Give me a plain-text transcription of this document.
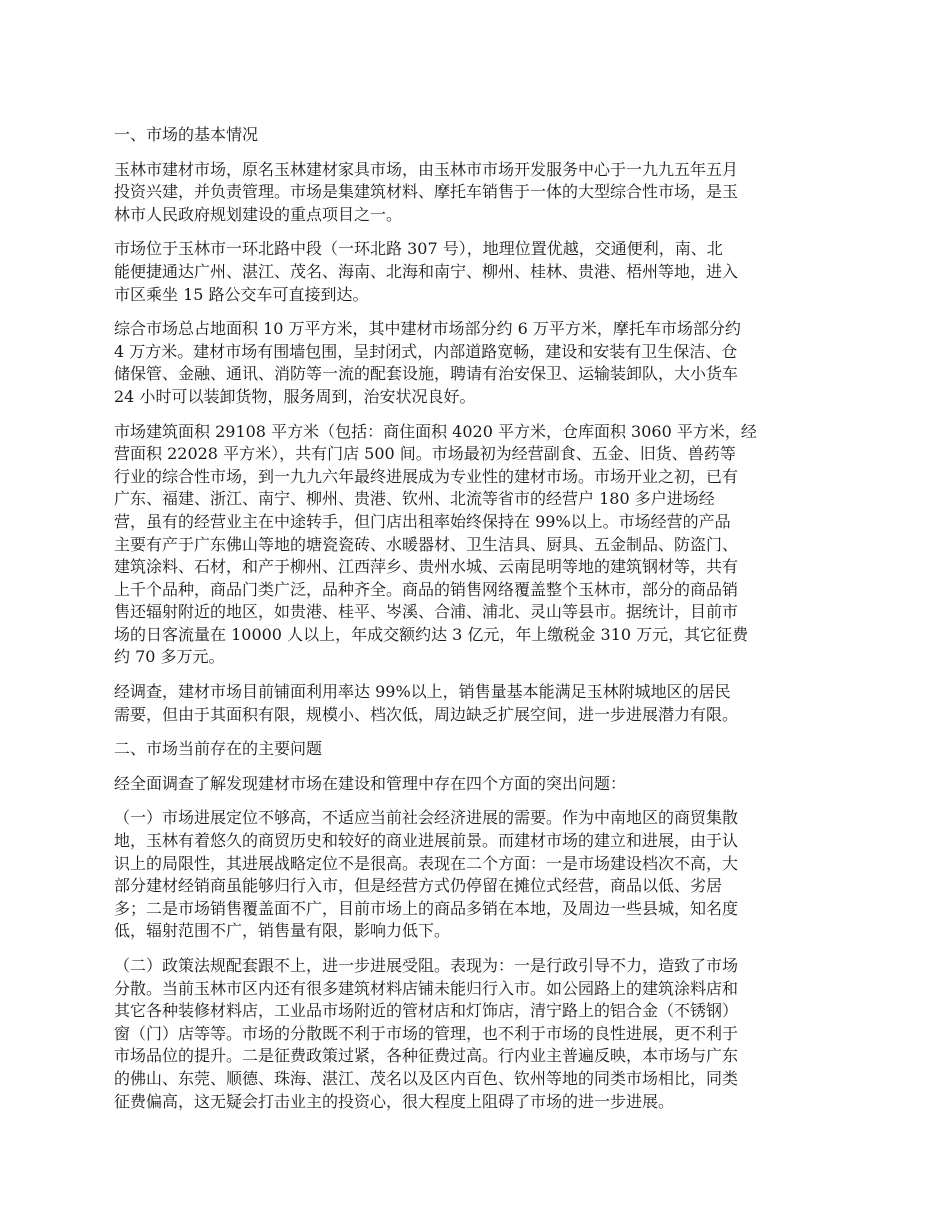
一、市场的基本情况

玉林市建材市场，原名玉林建材家具市场，由玉林市市场开发服务中心于一九九五年五月
投资兴建，并负责管理。市场是集建筑材料、摩托车销售于一体的大型综合性市场，是玉
林市人民政府规划建设的重点项目之一。

市场位于玉林市一环北路中段（一环北路 307 号），地理位置优越，交通便利，南、北
能便捷通达广州、湛江、茂名、海南、北海和南宁、柳州、桂林、贵港、梧州等地，进入
市区乘坐 15 路公交车可直接到达。

综合市场总占地面积 10 万平方米，其中建材市场部分约 6 万平方米，摩托车市场部分约
4 万方米。建材市场有围墙包围，呈封闭式，内部道路宽畅，建设和安装有卫生保洁、仓
储保管、金融、通讯、消防等一流的配套设施，聘请有治安保卫、运输装卸队，大小货车
24 小时可以装卸货物，服务周到，治安状况良好。

市场建筑面积 29108 平方米（包括：商住面积 4020 平方米，仓库面积 3060 平方米，经
营面积 22028 平方米），共有门店 500 间。市场最初为经营副食、五金、旧货、兽药等
行业的综合性市场，到一九九六年最终进展成为专业性的建材市场。市场开业之初，已有
广东、福建、浙江、南宁、柳州、贵港、钦州、北流等省市的经营户 180 多户进场经
营，虽有的经营业主在中途转手，但门店出租率始终保持在 99%以上。市场经营的产品
主要有产于广东佛山等地的塘瓷瓷砖、水暖器材、卫生洁具、厨具、五金制品、防盗门、
建筑涂料、石材，和产于柳州、江西萍乡、贵州水城、云南昆明等地的建筑钢材等，共有
上千个品种，商品门类广泛，品种齐全。商品的销售网络覆盖整个玉林市，部分的商品销
售还辐射附近的地区，如贵港、桂平、岑溪、合浦、浦北、灵山等县市。据统计，目前市
场的日客流量在 10000 人以上，年成交额约达 3 亿元，年上缴税金 310 万元，其它征费
约 70 多万元。

经调查，建材市场目前铺面利用率达 99%以上，销售量基本能满足玉林附城地区的居民
需要，但由于其面积有限，规模小、档次低，周边缺乏扩展空间，进一步进展潜力有限。

二、市场当前存在的主要问题

经全面调查了解发现建材市场在建设和管理中存在四个方面的突出问题：

（一）市场进展定位不够高，不适应当前社会经济进展的需要。作为中南地区的商贸集散
地，玉林有着悠久的商贸历史和较好的商业进展前景。而建材市场的建立和进展，由于认
识上的局限性，其进展战略定位不是很高。表现在二个方面：一是市场建设档次不高，大
部分建材经销商虽能够归行入市，但是经营方式仍停留在摊位式经营，商品以低、劣居
多；二是市场销售覆盖面不广，目前市场上的商品多销在本地，及周边一些县城，知名度
低，辐射范围不广，销售量有限，影响力低下。

（二）政策法规配套跟不上，进一步进展受阻。表现为：一是行政引导不力，造致了市场
分散。当前玉林市区内还有很多建筑材料店铺未能归行入市。如公园路上的建筑涂料店和
其它各种装修材料店，工业品市场附近的管材店和灯饰店，清宁路上的铝合金（不锈钢）
窗（门）店等等。市场的分散既不利于市场的管理，也不利于市场的良性进展，更不利于
市场品位的提升。二是征费政策过紧，各种征费过高。行内业主普遍反映，本市场与广东
的佛山、东莞、顺德、珠海、湛江、茂名以及区内百色、钦州等地的同类市场相比，同类
征费偏高，这无疑会打击业主的投资心，很大程度上阻碍了市场的进一步进展。
